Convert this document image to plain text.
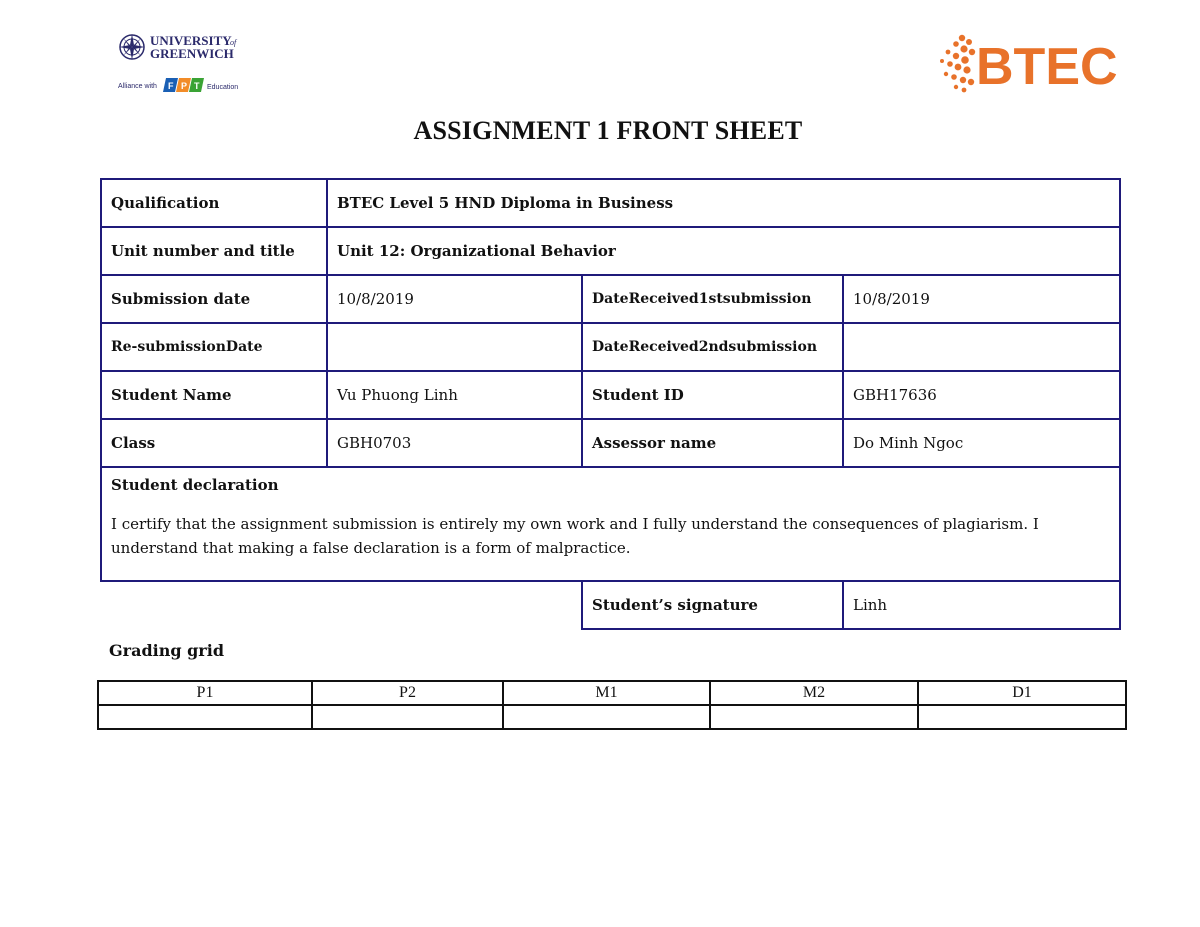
UNIVERSITY
of
GREENWICH
Alliance with F P T Education	BTEC
ASSIGNMENT 1 FRONT SHEET
Qualification	BTEC Level 5 HND Diploma in Business		
Unit number and title	Unit 12: Organizational Behavior		
Submission date	10/8/2019	DateReceived1stsubmission	10/8/2019
Re-submissionDate		DateReceived2ndsubmission	
Student Name	Vu Phuong Linh	Student ID	GBH17636
Class	GBH0703	Assessor name	Do Minh Ngoc

Student declaration
I certify that the assignment submission is entirely my own work and I fully understand the consequences of plagiarism. I understand that making a false declaration is a form of malpractice.			

		Student’s signature	Linh
Grading grid
P1	P2	M1	M2	D1
